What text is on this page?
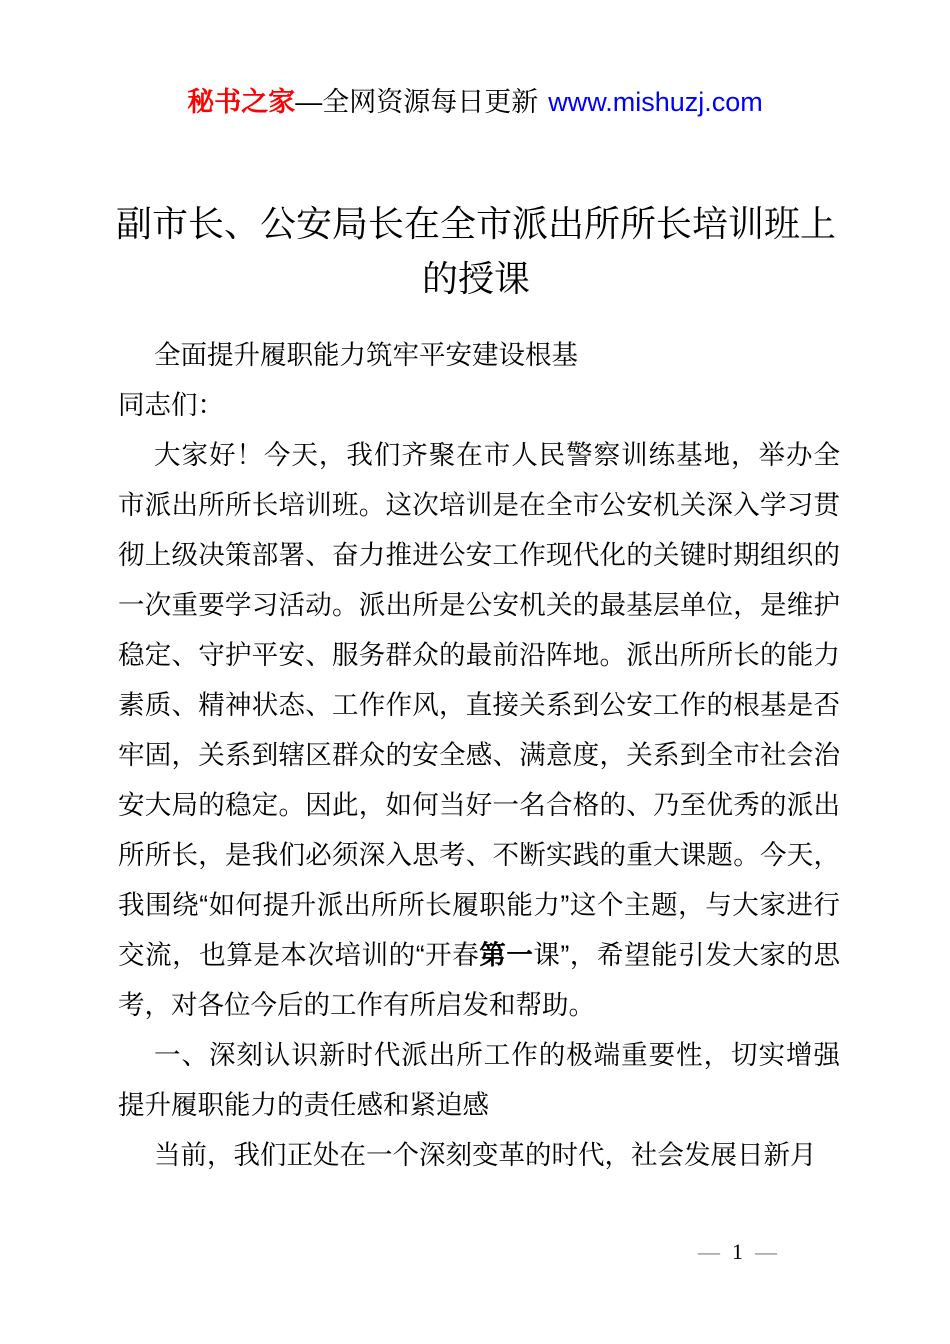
秘书之家—全网资源每日更新 www.mishuzj.com
副市长、公安局长在全市派出所所长培训班上的授课

全面提升履职能力筑牢平安建设根基

同志们：

大家好！今天，我们齐聚在市人民警察训练基地，举办全市派出所所长培训班。这次培训是在全市公安机关深入学习贯彻上级决策部署、奋力推进公安工作现代化的关键时期组织的一次重要学习活动。派出所是公安机关的最基层单位，是维护稳定、守护平安、服务群众的最前沿阵地。派出所所长的能力素质、精神状态、工作作风，直接关系到公安工作的根基是否牢固，关系到辖区群众的安全感、满意度，关系到全市社会治安大局的稳定。因此，如何当好一名合格的、乃至优秀的派出所所长，是我们必须深入思考、不断实践的重大课题。今天，我围绕“如何提升派出所所长履职能力”这个主题，与大家进行交流，也算是本次培训的“开春第一课”，希望能引发大家的思考，对各位今后的工作有所启发和帮助。

一、深刻认识新时代派出所工作的极端重要性，切实增强提升履职能力的责任感和紧迫感

当前，我们正处在一个深刻变革的时代，社会发展日新月

— 1 —
